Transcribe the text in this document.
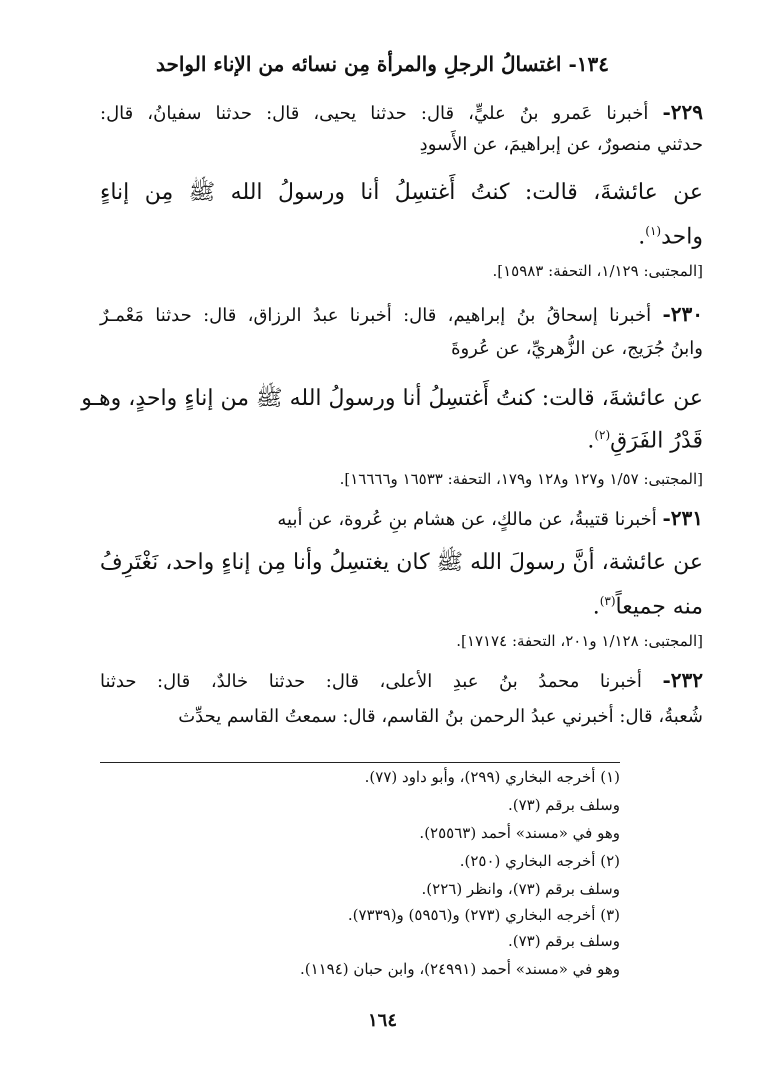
١٣٤- اغتسالُ الرجلِ والمرأة مِن نسائه من الإناء الواحد
٢٢٩- أخبرنا عَمرو بنُ عليٍّ، قال: حدثنا يحيى، قال: حدثنا سفيانُ، قال:
حدثني منصورٌ، عن إبراهيمَ، عن الأَسودِ
عن عائشةَ، قالت: كنتُ أَغتسِلُ أنا ورسولُ الله ﷺ مِن إناءٍ
واحد$^{(١)}$.
[المجتبى: ١/١٢٩، التحفة: ١٥٩٨٣].
٢٣٠- أخبرنا إسحاقُ بنُ إبراهيم، قال: أخبرنا عبدُ الرزاق، قال: حدثنا مَعْمـرٌ
وابنُ جُرَيج، عن الزُّهريِّ، عن عُروةَ
عن عائشةَ، قالت: كنتُ أَغتسِلُ أنا ورسولُ الله ﷺ من إناءٍ واحدٍ، وهـو
قَدْرُ الفَرَقِ$^{(٢)}$.
[المجتبى: ١/٥٧ و١٢٧ و١٢٨ و١٧٩، التحفة: ١٦٥٣٣ و١٦٦٦٦].
٢٣١- أخبرنا قتيبةُ، عن مالكٍ، عن هشام بنِ عُروة، عن أبيه
عن عائشة، أنَّ رسولَ الله ﷺ كان يغتسِلُ وأنا مِن إناءٍ واحد، نَغْتَرِفُ
منه جميعاً$^{(٣)}$.
[المجتبى: ١/١٢٨ و٢٠١، التحفة: ١٧١٧٤].
٢٣٢- أخبرنا محمدُ بنُ عبدِ الأعلى، قال: حدثنا خالدٌ، قال: حدثنا
شُعبةُ، قال: أخبرني عبدُ الرحمن بنُ القاسم، قال: سمعتُ القاسم يحدِّث
(١) أخرجه البخاري (٢٩٩)، وأبو داود (٧٧).
وسلف برقم (٧٣).
وهو في «مسند» أحمد (٢٥٥٦٣).
(٢) أخرجه البخاري (٢٥٠).
وسلف برقم (٧٣)، وانظر (٢٢٦).
(٣) أخرجه البخاري (٢٧٣) و(٥٩٥٦) و(٧٣٣٩).
وسلف برقم (٧٣).
وهو في «مسند» أحمد (٢٤٩٩١)، وابن حبان (١١٩٤).
١٦٤
